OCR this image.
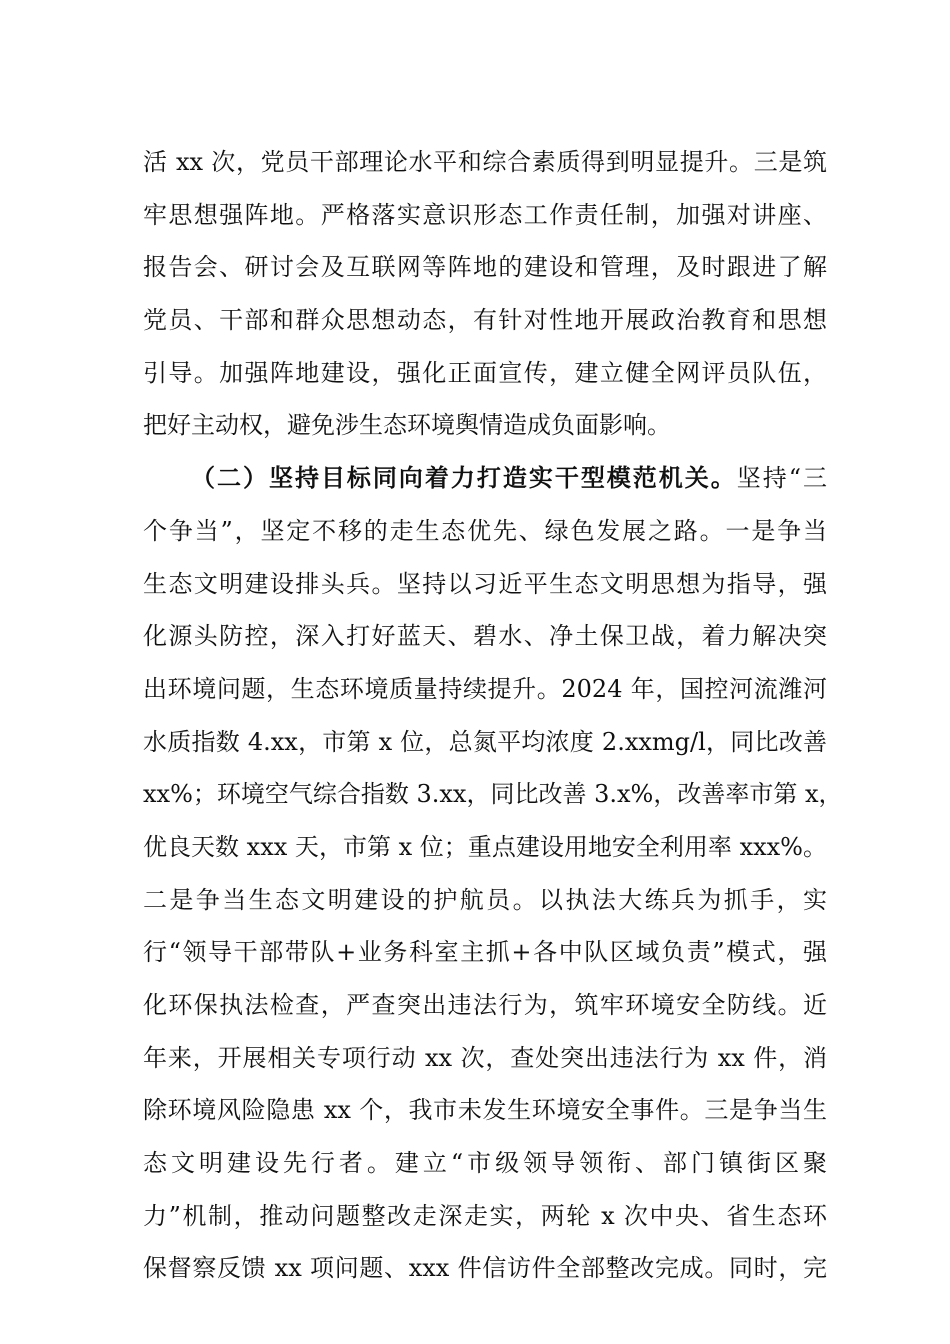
活 xx 次，党员干部理论水平和综合素质得到明显提升。三是筑
牢思想强阵地。严格落实意识形态工作责任制，加强对讲座、
报告会、研讨会及互联网等阵地的建设和管理，及时跟进了解
党员、干部和群众思想动态，有针对性地开展政治教育和思想
引导。加强阵地建设，强化正面宣传，建立健全网评员队伍，
把好主动权，避免涉生态环境舆情造成负面影响。
（二）坚持目标同向着力打造实干型模范机关。坚持“三
个争当”，坚定不移的走生态优先、绿色发展之路。一是争当
生态文明建设排头兵。坚持以习近平生态文明思想为指导，强
化源头防控，深入打好蓝天、碧水、净土保卫战，着力解决突
出环境问题，生态环境质量持续提升。2024 年，国控河流潍河
水质指数 4.xx，市第 x 位，总氮平均浓度 2.xxmg/l，同比改善
xx%；环境空气综合指数 3.xx，同比改善 3.x%，改善率市第 x，
优良天数 xxx 天，市第 x 位；重点建设用地安全利用率 xxx%。
二是争当生态文明建设的护航员。以执法大练兵为抓手，实
行“领导干部带队+业务科室主抓+各中队区域负责”模式，强
化环保执法检查，严查突出违法行为，筑牢环境安全防线。近
年来，开展相关专项行动 xx 次，查处突出违法行为 xx 件，消
除环境风险隐患 xx 个，我市未发生环境安全事件。三是争当生
态文明建设先行者。建立“市级领导领衔、部门镇街区聚
力”机制，推动问题整改走深走实，两轮 x 次中央、省生态环
保督察反馈 xx 项问题、xxx 件信访件全部整改完成。同时，完
